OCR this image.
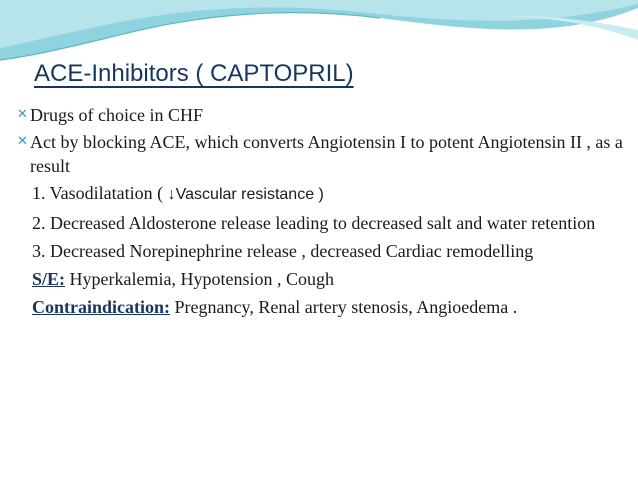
ACE-Inhibitors ( CAPTOPRIL)
✕ Drugs of choice in CHF
✕ Act by blocking ACE, which converts Angiotensin I to potent Angiotensin II , as a result
1. Vasodilatation ( ↓Vascular resistance )
2. Decreased Aldosterone release leading to decreased salt and water retention
3. Decreased Norepinephrine release , decreased Cardiac remodelling
S/E: Hyperkalemia, Hypotension , Cough
Contraindication: Pregnancy, Renal artery stenosis, Angioedema .
